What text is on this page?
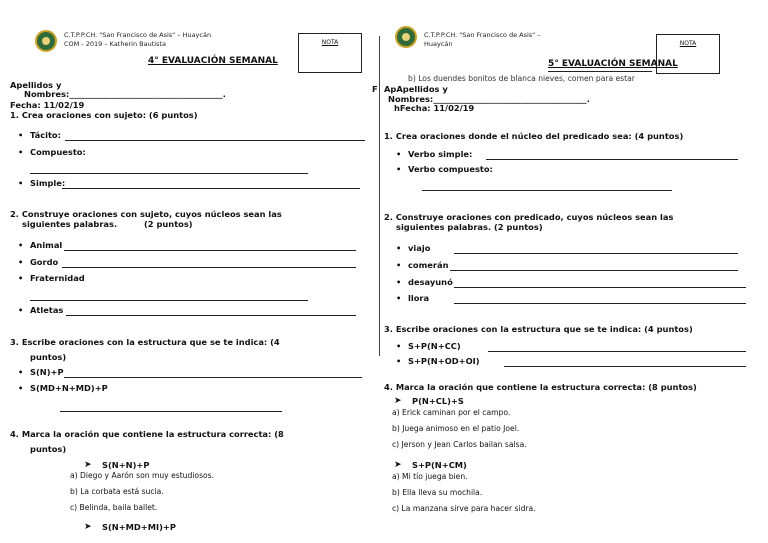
C.T.P.P.CH. "San Francisco de Asis" – Huaycán
COM - 2019 – Katherin Bautista	NOTA
4° EVALUACIÓN SEMANAL
Apellidos y
Nombres:_____________________________________.
Fecha: 11/02/19
1. Crea oraciones con sujeto: (6 puntos)
• Tácito:
• Compuesto:
• Simple:
2. Construye oraciones con sujeto, cuyos núcleos sean las
siguientes palabras.	(2 puntos)
• Animal
• Gordo
• Fraternidad
• Atletas
3. Escribe oraciones con la estructura que se te indica: (4
puntos)
• S(N)+P
• S(MD+N+MD)+P
4. Marca la oración que contiene la estructura correcta: (8
puntos)
➤ S(N+N)+P
a) Diego y Aarón son muy estudiosos.
b) La corbata está sucia.
c) Belinda, baila ballet.
➤ S(N+MD+MI)+P
C.T.P.P.CH. "San Francisco de Asis" –
Huaycán	NOTA
5° EVALUACIÓN SEMANAL
b) Los duendes bonitos de blanca nieves, comen para estar
F ApApellidos y
Nombres:_____________________________________.
hFecha: 11/02/19
1. Crea oraciones donde el núcleo del predicado sea: (4 puntos)
• Verbo simple:
• Verbo compuesto:
2. Construye oraciones con predicado, cuyos núcleos sean las
siguientes palabras. (2 puntos)
• viajo
• comerán
• desayunó
• llora
3. Escribe oraciones con la estructura que se te indica: (4 puntos)
• S+P(N+CC)
• S+P(N+OD+OI)
4. Marca la oración que contiene la estructura correcta: (8 puntos)
➤ P(N+CL)+S
a) Erick caminan por el campo.
b) Juega animoso en el patio Joel.
c) Jerson y Jean Carlos bailan salsa.
➤ S+P(N+CM)
a) Mi tío juega bien.
b) Ella lleva su mochila.
c) La manzana sirve para hacer sidra.
